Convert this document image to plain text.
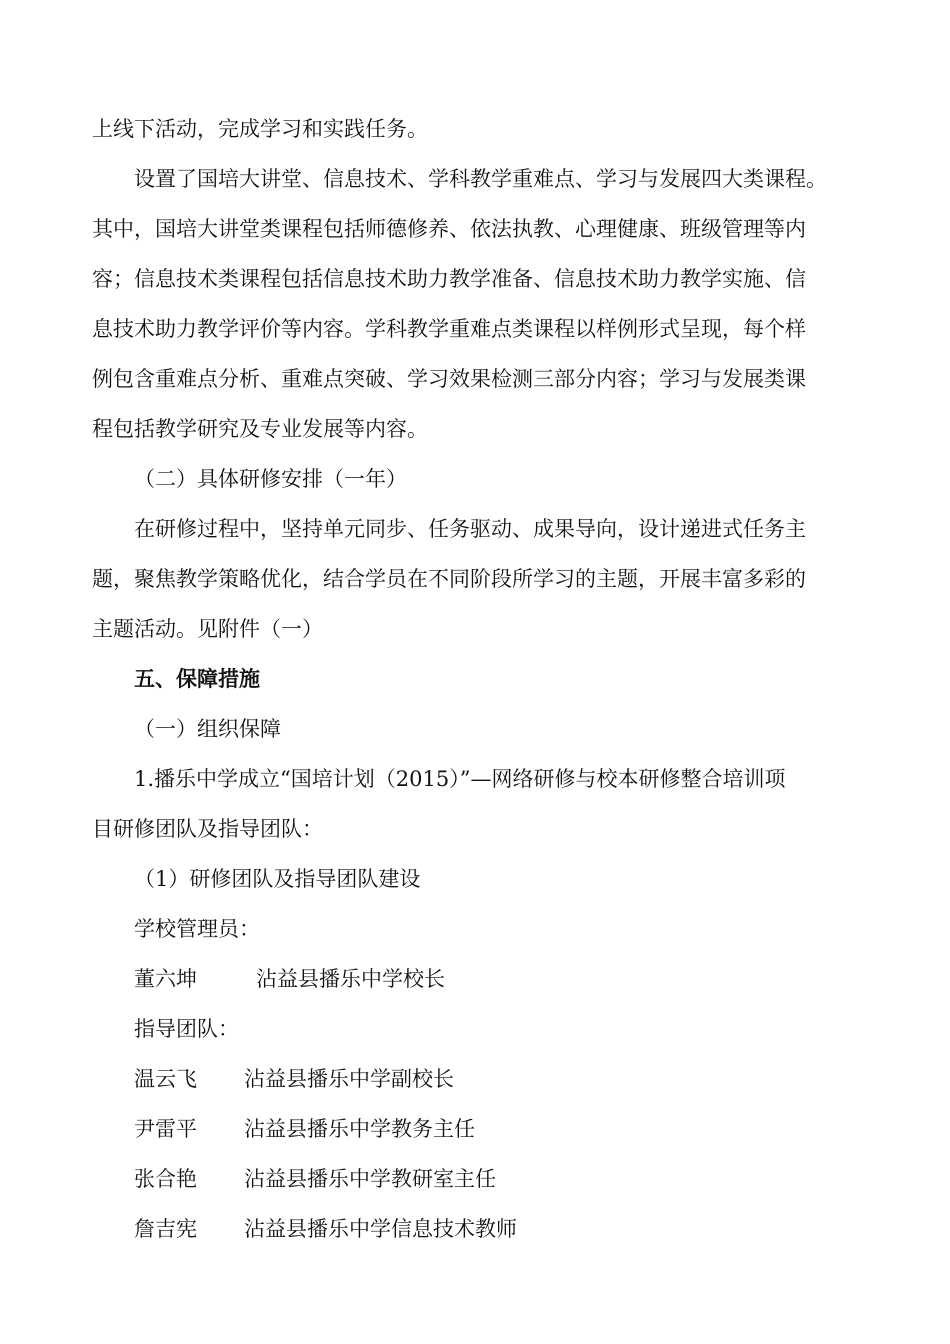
上线下活动，完成学习和实践任务。
设置了国培大讲堂、信息技术、学科教学重难点、学习与发展四大类课程。
其中，国培大讲堂类课程包括师德修养、依法执教、心理健康、班级管理等内
容；信息技术类课程包括信息技术助力教学准备、信息技术助力教学实施、信
息技术助力教学评价等内容。学科教学重难点类课程以样例形式呈现，每个样
例包含重难点分析、重难点突破、学习效果检测三部分内容；学习与发展类课
程包括教学研究及专业发展等内容。
（二）具体研修安排（一年）
在研修过程中，坚持单元同步、任务驱动、成果导向，设计递进式任务主
题，聚焦教学策略优化，结合学员在不同阶段所学习的主题，开展丰富多彩的
主题活动。见附件（一）
五、保障措施
（一）组织保障
1.播乐中学成立“国培计划（2015）”—网络研修与校本研修整合培训项
目研修团队及指导团队：
（1）研修团队及指导团队建设
学校管理员：
董六坤	沾益县播乐中学校长
指导团队：
温云飞	沾益县播乐中学副校长
尹雷平	沾益县播乐中学教务主任
张合艳	沾益县播乐中学教研室主任
詹吉宪	沾益县播乐中学信息技术教师
